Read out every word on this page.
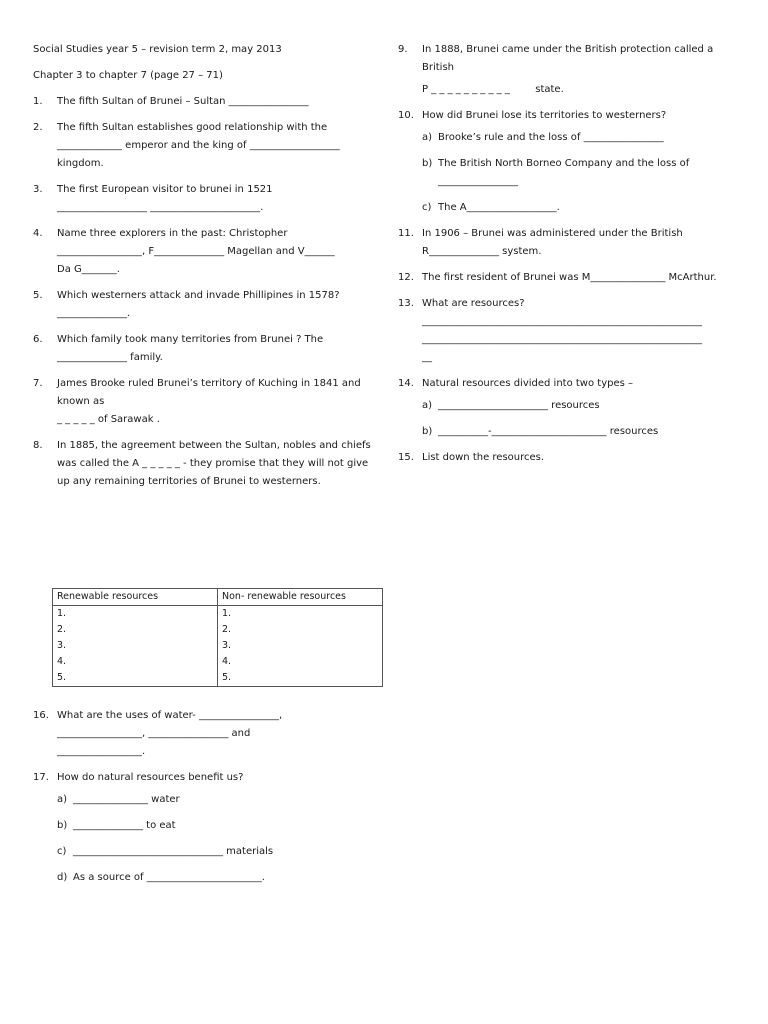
Social Studies year 5 – revision term 2, may 2013
Chapter 3 to chapter 7 (page 27 – 71)
1. The fifth Sultan of Brunei – Sultan ________________
2. The fifth Sultan establishes good relationship with the
_____________ emperor and the king of __________________
kingdom.
3. The first European visitor to brunei in 1521
__________________ ______________________.
4. Name three explorers in the past: Christopher
_________________, F______________ Magellan and V______
Da G_______.
5. Which westerners attack and invade Phillipines in 1578?
______________.
6. Which family took many territories from Brunei ? The
______________ family.
7. James Brooke ruled Brunei’s territory of Kuching in 1841 and
known as
_ _ _ _ _ of Sarawak .
8. In 1885, the agreement between the Sultan, nobles and chiefs
was called the A _ _ _ _ _ - they promise that they will not give
up any remaining territories of Brunei to westerners.
9. In 1888, Brunei came under the British protection called a
British
P _ _ _ _ _ _ _ _ _ _        state.
10. How did Brunei lose its territories to westerners?
a) Brooke’s rule and the loss of ________________
b) The British North Borneo Company and the loss of
________________
c) The A__________________.
11. In 1906 – Brunei was administered under the British
R______________ system.
12. The first resident of Brunei was M_______________ McArthur.
13. What are resources?
________________________________________________________
________________________________________________________
__
14. Natural resources divided into two types –
a) ______________________ resources
b) __________-_______________________ resources
15. List down the resources.
Renewable resources	Non- renewable resources
1.	1.
2.	2.
3.	3.
4.	4.
5.	5.
16. What are the uses of water- ________________,
_________________, ________________ and
_________________.
17. How do natural resources benefit us?
a) _______________ water
b) ______________ to eat
c) ______________________________ materials
d) As a source of _______________________.
